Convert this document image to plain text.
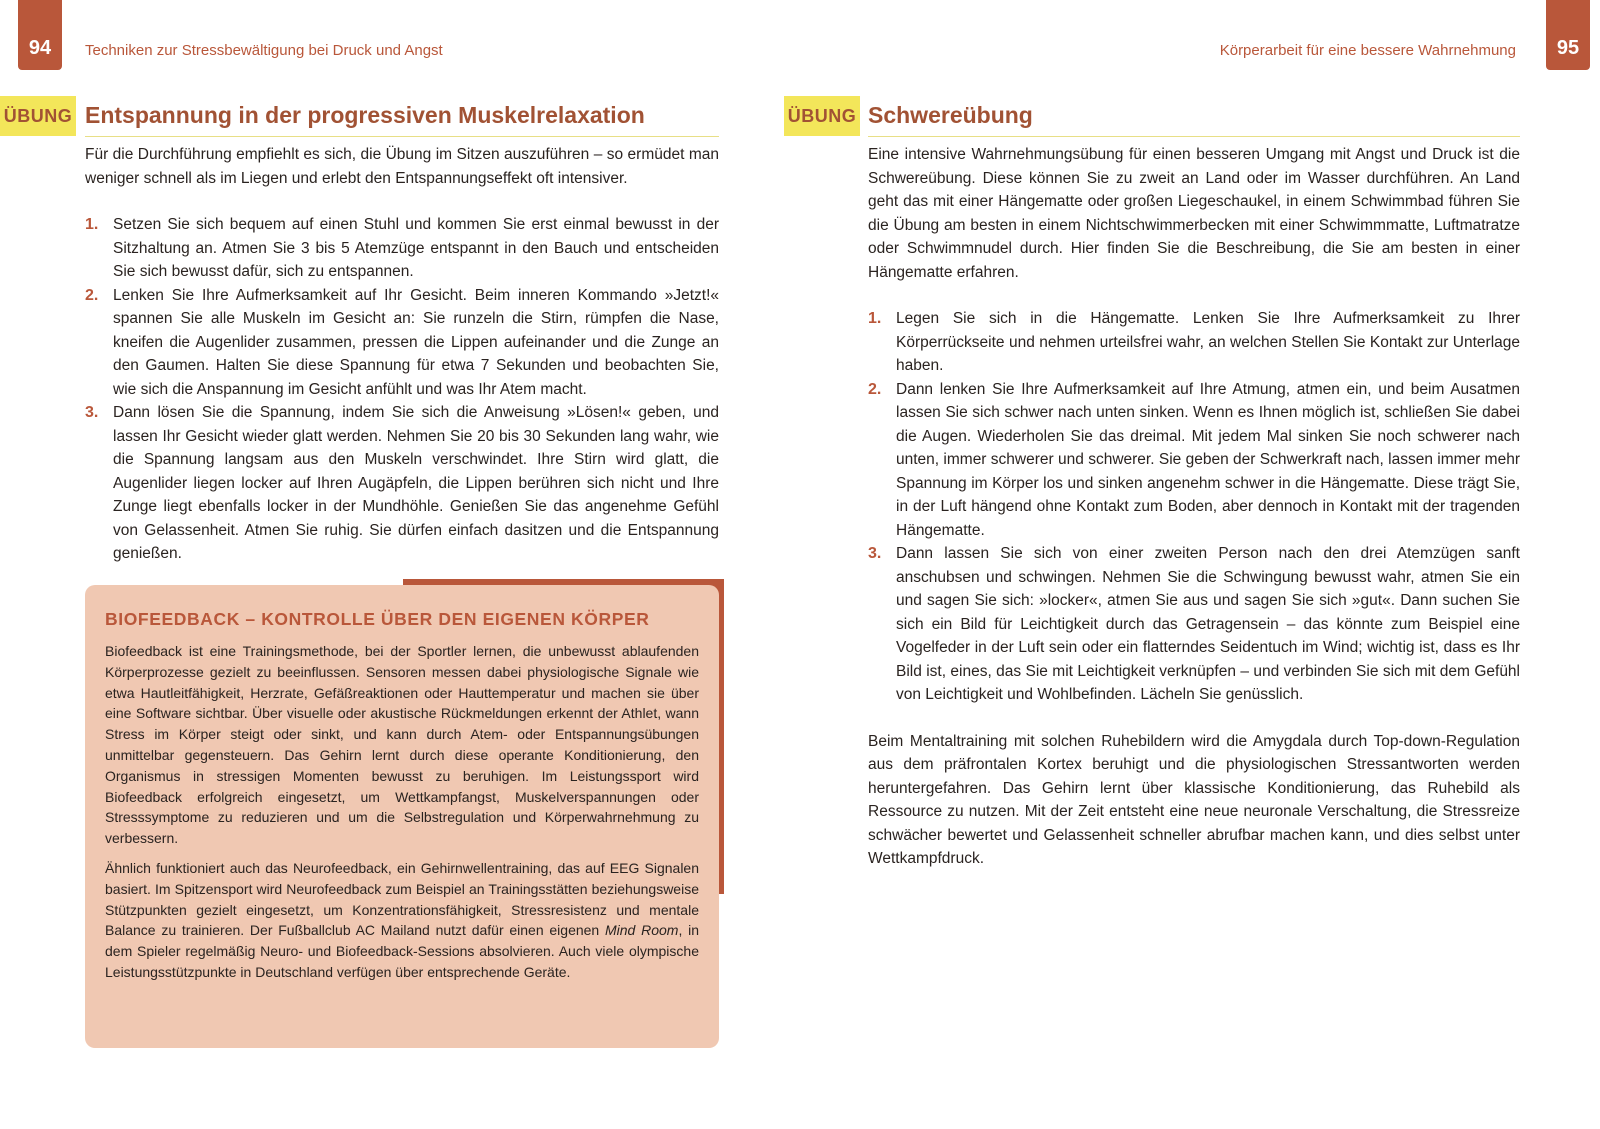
94	Techniken zur Stressbewältigung bei Druck und Angst
ÜBUNG Entspannung in der progressiven Muskelrelaxation

Für die Durchführung empfiehlt es sich, die Übung im Sitzen auszuführen – so ermüdet man weniger schnell als im Liegen und erlebt den Entspannungseffekt oft intensiver.

1. Setzen Sie sich bequem auf einen Stuhl und kommen Sie erst einmal bewusst in der Sitzhaltung an. Atmen Sie 3 bis 5 Atemzüge entspannt in den Bauch und entscheiden Sie sich bewusst dafür, sich zu entspannen.
2. Lenken Sie Ihre Aufmerksamkeit auf Ihr Gesicht. Beim inneren Kommando »Jetzt!« spannen Sie alle Muskeln im Gesicht an: Sie runzeln die Stirn, rümpfen die Nase, kneifen die Augenlider zusammen, pressen die Lippen aufeinander und die Zunge an den Gaumen. Halten Sie diese Spannung für etwa 7 Sekunden und beobachten Sie, wie sich die Anspannung im Gesicht anfühlt und was Ihr Atem macht.
3. Dann lösen Sie die Spannung, indem Sie sich die Anweisung »Lösen!« geben, und lassen Ihr Gesicht wieder glatt werden. Nehmen Sie 20 bis 30 Sekunden lang wahr, wie die Spannung langsam aus den Muskeln verschwindet. Ihre Stirn wird glatt, die Augenlider liegen locker auf Ihren Augäpfeln, die Lippen berühren sich nicht und Ihre Zunge liegt ebenfalls locker in der Mundhöhle. Genießen Sie das angenehme Gefühl von Gelassenheit. Atmen Sie ruhig. Sie dürfen einfach dasitzen und die Entspannung genießen.
BIOFEEDBACK – KONTROLLE ÜBER DEN EIGENEN KÖRPER

Biofeedback ist eine Trainingsmethode, bei der Sportler lernen, die unbewusst ablaufenden Körperprozesse gezielt zu beeinflussen. Sensoren messen dabei physiologische Signale wie etwa Hautleitfähigkeit, Herzrate, Gefäßreaktionen oder Hauttemperatur und machen sie über eine Software sichtbar. Über visuelle oder akustische Rückmeldungen erkennt der Athlet, wann Stress im Körper steigt oder sinkt, und kann durch Atem- oder Entspannungsübungen unmittelbar gegensteuern. Das Gehirn lernt durch diese operante Konditionierung, den Organismus in stressigen Momenten bewusst zu beruhigen. Im Leistungssport wird Biofeedback erfolgreich eingesetzt, um Wettkampfangst, Muskelverspannungen oder Stresssymptome zu reduzieren und um die Selbstregulation und Körperwahrnehmung zu verbessern.

Ähnlich funktioniert auch das Neurofeedback, ein Gehirnwellentraining, das auf EEG Signalen basiert. Im Spitzensport wird Neurofeedback zum Beispiel an Trainingsstätten beziehungsweise Stützpunkten gezielt eingesetzt, um Konzentrationsfähigkeit, Stressresistenz und mentale Balance zu trainieren. Der Fußballclub AC Mailand nutzt dafür einen eigenen Mind Room, in dem Spieler regelmäßig Neuro- und Biofeedback-Sessions absolvieren. Auch viele olympische Leistungsstützpunkte in Deutschland verfügen über entsprechende Geräte.

95
Körperarbeit für eine bessere Wahrnehmung
ÜBUNG Schwereübung

Eine intensive Wahrnehmungsübung für einen besseren Umgang mit Angst und Druck ist die Schwereübung. Diese können Sie zu zweit an Land oder im Wasser durchführen. An Land geht das mit einer Hängematte oder großen Liegeschaukel, in einem Schwimmbad führen Sie die Übung am besten in einem Nichtschwimmerbecken mit einer Schwimmmatte, Luftmatratze oder Schwimmnudel durch. Hier finden Sie die Beschreibung, die Sie am besten in einer Hängematte erfahren.

1. Legen Sie sich in die Hängematte. Lenken Sie Ihre Aufmerksamkeit zu Ihrer Körperrückseite und nehmen urteilsfrei wahr, an welchen Stellen Sie Kontakt zur Unterlage haben.
2. Dann lenken Sie Ihre Aufmerksamkeit auf Ihre Atmung, atmen ein, und beim Ausatmen lassen Sie sich schwer nach unten sinken. Wenn es Ihnen möglich ist, schließen Sie dabei die Augen. Wiederholen Sie das dreimal. Mit jedem Mal sinken Sie noch schwerer nach unten, immer schwerer und schwerer. Sie geben der Schwerkraft nach, lassen immer mehr Spannung im Körper los und sinken angenehm schwer in die Hängematte. Diese trägt Sie, in der Luft hängend ohne Kontakt zum Boden, aber dennoch in Kontakt mit der tragenden Hängematte.
3. Dann lassen Sie sich von einer zweiten Person nach den drei Atemzügen sanft anschubsen und schwingen. Nehmen Sie die Schwingung bewusst wahr, atmen Sie ein und sagen Sie sich: »locker«, atmen Sie aus und sagen Sie sich »gut«. Dann suchen Sie sich ein Bild für Leichtigkeit durch das Getragensein – das könnte zum Beispiel eine Vogelfeder in der Luft sein oder ein flatterndes Seidentuch im Wind; wichtig ist, dass es Ihr Bild ist, eines, das Sie mit Leichtigkeit verknüpfen – und verbinden Sie sich mit dem Gefühl von Leichtigkeit und Wohlbefinden. Lächeln Sie genüsslich.

Beim Mentaltraining mit solchen Ruhebildern wird die Amygdala durch Top-down-Regulation aus dem präfrontalen Kortex beruhigt und die physiologischen Stressantworten werden heruntergefahren. Das Gehirn lernt über klassische Konditionierung, das Ruhebild als Ressource zu nutzen. Mit der Zeit entsteht eine neue neuronale Verschaltung, die Stressreize schwächer bewertet und Gelassenheit schneller abrufbar machen kann, und dies selbst unter Wettkampfdruck.
